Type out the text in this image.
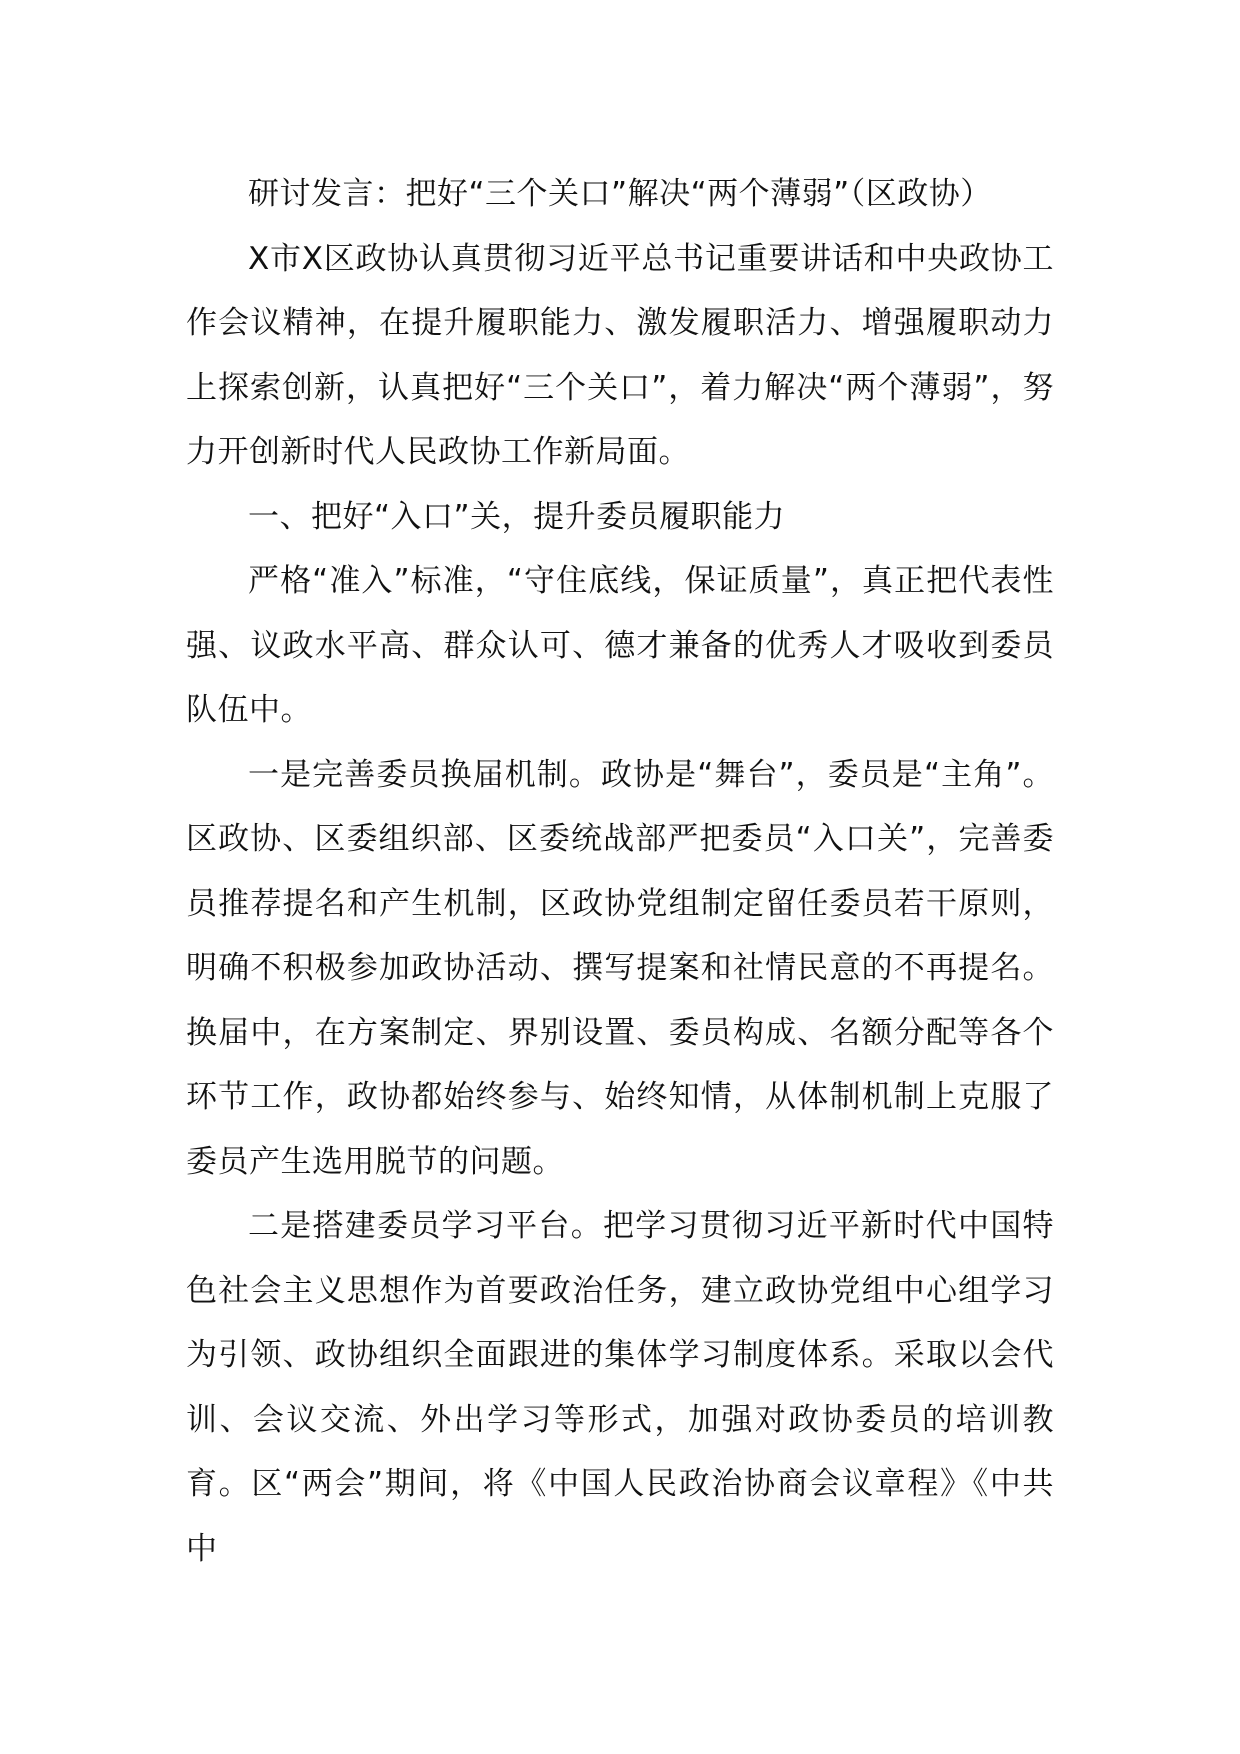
研讨发言：把好“三个关口”解决“两个薄弱”（区政协）

X市X区政协认真贯彻习近平总书记重要讲话和中央政协工作会议精神，在提升履职能力、激发履职活力、增强履职动力上探索创新，认真把好“三个关口”，着力解决“两个薄弱”，努力开创新时代人民政协工作新局面。

一、把好“入口”关，提升委员履职能力

严格“准入”标准，“守住底线，保证质量”，真正把代表性强、议政水平高、群众认可、德才兼备的优秀人才吸收到委员队伍中。

一是完善委员换届机制。政协是“舞台”，委员是“主角”。区政协、区委组织部、区委统战部严把委员“入口关”，完善委员推荐提名和产生机制，区政协党组制定留任委员若干原则，明确不积极参加政协活动、撰写提案和社情民意的不再提名。换届中，在方案制定、界别设置、委员构成、名额分配等各个环节工作，政协都始终参与、始终知情，从体制机制上克服了委员产生选用脱节的问题。

二是搭建委员学习平台。把学习贯彻习近平新时代中国特色社会主义思想作为首要政治任务，建立政协党组中心组学习为引领、政协组织全面跟进的集体学习制度体系。采取以会代训、会议交流、外出学习等形式，加强对政协委员的培训教育。区“两会”期间，将《中国人民政治协商会议章程》《中共中
